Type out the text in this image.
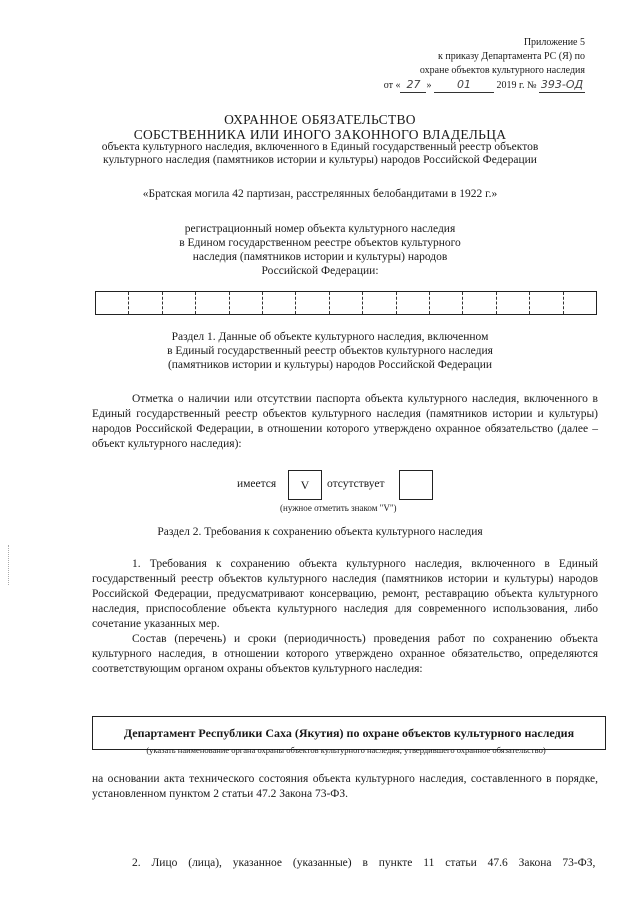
Приложение 5
к приказу Департамента РС (Я) по
охране объектов культурного наследия
от « 27 » 01	2019 г. № 393-ОД
ОХРАННОЕ ОБЯЗАТЕЛЬСТВО
СОБСТВЕННИКА ИЛИ ИНОГО ЗАКОННОГО ВЛАДЕЛЬЦА
объекта культурного наследия, включенного в Единый государственный реестр объектов
культурного наследия (памятников истории и культуры) народов Российской Федерации
«Братская могила 42 партизан, расстрелянных белобандитами в 1922 г.»
регистрационный номер объекта культурного наследия
в Едином государственном реестре объектов культурного
наследия (памятников истории и культуры) народов
Российской Федерации:
Раздел 1. Данные об объекте культурного наследия, включенном
в Единый государственный реестр объектов культурного наследия
(памятников истории и культуры) народов Российской Федерации
Отметка о наличии или отсутствии паспорта объекта культурного наследия, включенного в Единый государственный реестр объектов культурного наследия (памятников истории и культуры) народов Российской Федерации, в отношении которого утверждено охранное обязательство (далее – объект культурного наследия):
имеется	V	отсутствует
(нужное отметить знаком "V")
Раздел 2. Требования к сохранению объекта культурного наследия
1. Требования к сохранению объекта культурного наследия, включенного в Единый государственный реестр объектов культурного наследия (памятников истории и культуры) народов Российской Федерации, предусматривают консервацию, ремонт, реставрацию объекта культурного наследия, приспособление объекта культурного наследия для современного использования, либо сочетание указанных мер.
Состав (перечень) и сроки (периодичность) проведения работ по сохранению объекта культурного наследия, в отношении которого утверждено охранное обязательство, определяются соответствующим органом охраны объектов культурного наследия:
Департамент Республики Саха (Якутия) по охране объектов культурного наследия
(указать наименование органа охраны объектов культурного наследия, утвердившего охранное обязательство)
на основании акта технического состояния объекта культурного наследия, составленного в порядке, установленном пунктом 2 статьи 47.2 Закона 73-ФЗ.
2. Лицо (лица), указанное (указанные) в пункте 11 статьи 47.6 Закона 73-ФЗ,
